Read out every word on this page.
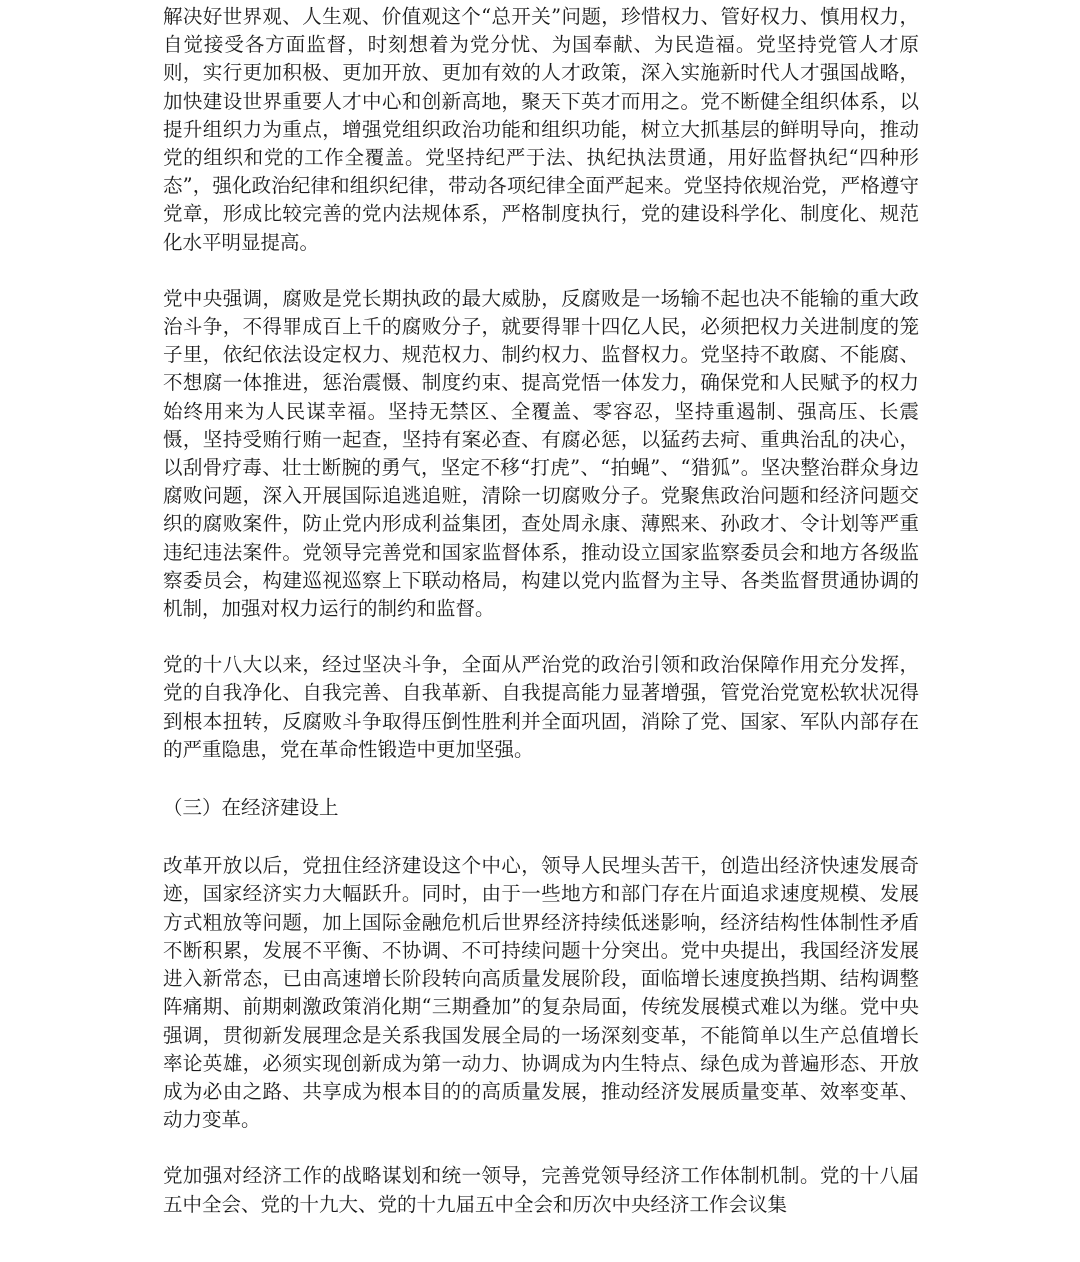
解决好世界观、人生观、价值观这个“总开关”问题，珍惜权力、管好权力、慎用权力，自觉接受各方面监督，时刻想着为党分忧、为国奉献、为民造福。党坚持党管人才原则，实行更加积极、更加开放、更加有效的人才政策，深入实施新时代人才强国战略，加快建设世界重要人才中心和创新高地，聚天下英才而用之。党不断健全组织体系，以提升组织力为重点，增强党组织政治功能和组织功能，树立大抓基层的鲜明导向，推动党的组织和党的工作全覆盖。党坚持纪严于法、执纪执法贯通，用好监督执纪“四种形态”，强化政治纪律和组织纪律，带动各项纪律全面严起来。党坚持依规治党，严格遵守党章，形成比较完善的党内法规体系，严格制度执行，党的建设科学化、制度化、规范化水平明显提高。

党中央强调，腐败是党长期执政的最大威胁，反腐败是一场输不起也决不能输的重大政治斗争，不得罪成百上千的腐败分子，就要得罪十四亿人民，必须把权力关进制度的笼子里，依纪依法设定权力、规范权力、制约权力、监督权力。党坚持不敢腐、不能腐、不想腐一体推进，惩治震慑、制度约束、提高党悟一体发力，确保党和人民赋予的权力始终用来为人民谋幸福。坚持无禁区、全覆盖、零容忍，坚持重遏制、强高压、长震慑，坚持受贿行贿一起查，坚持有案必查、有腐必惩，以猛药去疴、重典治乱的决心，以刮骨疗毒、壮士断腕的勇气，坚定不移“打虎”、“拍蝇”、“猎狐”。坚决整治群众身边腐败问题，深入开展国际追逃追赃，清除一切腐败分子。党聚焦政治问题和经济问题交织的腐败案件，防止党内形成利益集团，查处周永康、薄熙来、孙政才、令计划等严重违纪违法案件。党领导完善党和国家监督体系，推动设立国家监察委员会和地方各级监察委员会，构建巡视巡察上下联动格局，构建以党内监督为主导、各类监督贯通协调的机制，加强对权力运行的制约和监督。

党的十八大以来，经过坚决斗争，全面从严治党的政治引领和政治保障作用充分发挥，党的自我净化、自我完善、自我革新、自我提高能力显著增强，管党治党宽松软状况得到根本扭转，反腐败斗争取得压倒性胜利并全面巩固，消除了党、国家、军队内部存在的严重隐患，党在革命性锻造中更加坚强。

（三）在经济建设上

改革开放以后，党扭住经济建设这个中心，领导人民埋头苦干，创造出经济快速发展奇迹，国家经济实力大幅跃升。同时，由于一些地方和部门存在片面追求速度规模、发展方式粗放等问题，加上国际金融危机后世界经济持续低迷影响，经济结构性体制性矛盾不断积累，发展不平衡、不协调、不可持续问题十分突出。党中央提出，我国经济发展进入新常态，已由高速增长阶段转向高质量发展阶段，面临增长速度换挡期、结构调整阵痛期、前期刺激政策消化期“三期叠加”的复杂局面，传统发展模式难以为继。党中央强调，贯彻新发展理念是关系我国发展全局的一场深刻变革，不能简单以生产总值增长率论英雄，必须实现创新成为第一动力、协调成为内生特点、绿色成为普遍形态、开放成为必由之路、共享成为根本目的的高质量发展，推动经济发展质量变革、效率变革、动力变革。

党加强对经济工作的战略谋划和统一领导，完善党领导经济工作体制机制。党的十八届五中全会、党的十九大、党的十九届五中全会和历次中央经济工作会议集
